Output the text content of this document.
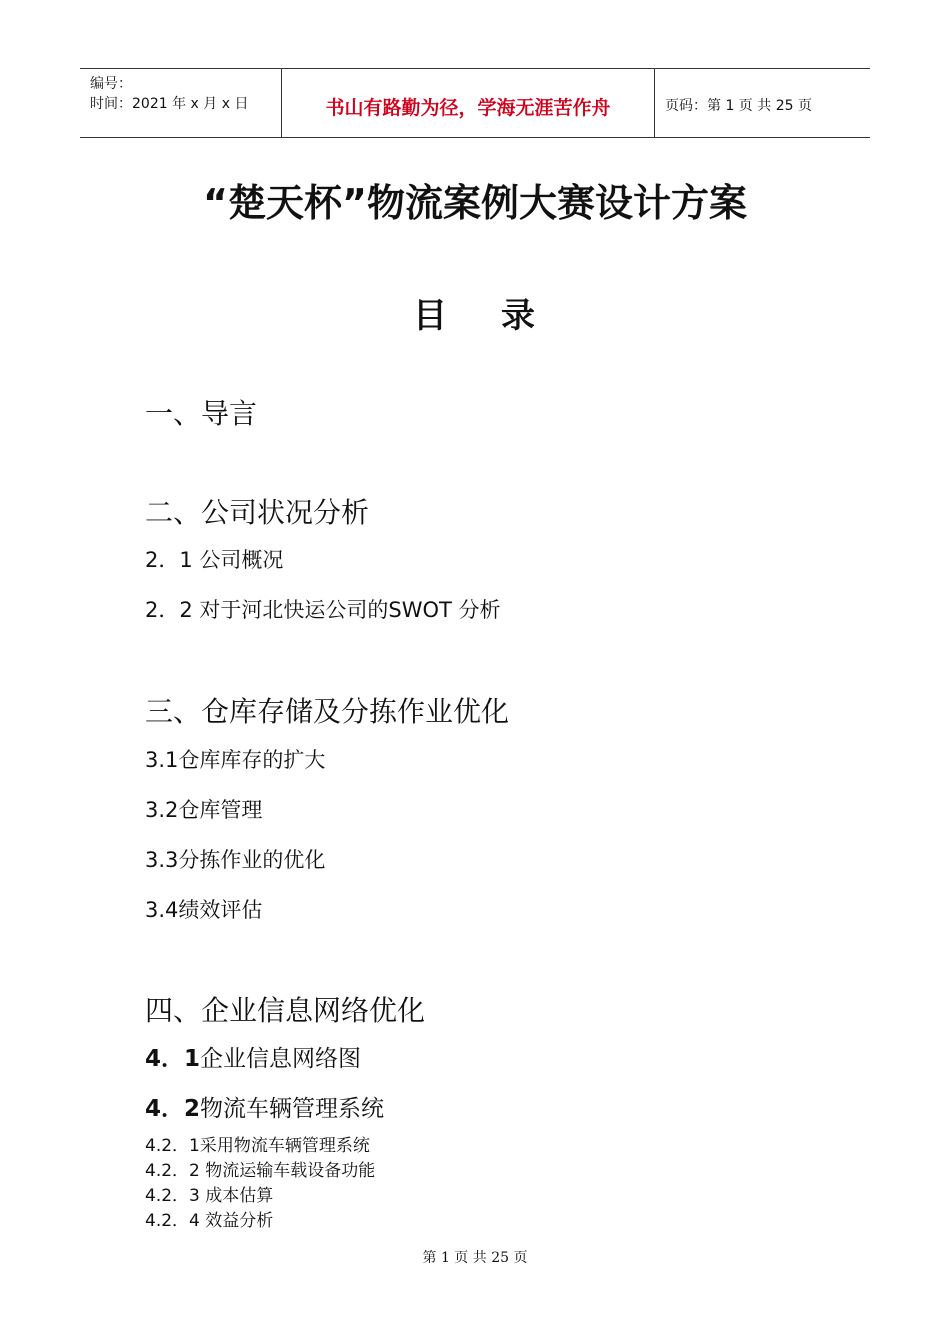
编号：
时间：2021 年 x 月 x 日	书山有路勤为径，学海无涯苦作舟	页码：第 1 页 共 25 页
“楚天杯”物流案例大赛设计方案
目 录
一、导言
二、公司状况分析
2．1 公司概况
2．2 对于河北快运公司的SWOT 分析
三、仓库存储及分拣作业优化
3.1仓库库存的扩大
3.2仓库管理
3.3分拣作业的优化
3.4绩效评估
四、企业信息网络优化
4．1企业信息网络图
4．2物流车辆管理系统
4.2．1采用物流车辆管理系统
4.2．2 物流运输车载设备功能
4.2．3 成本估算
4.2．4 效益分析
第 1 页 共 25 页
